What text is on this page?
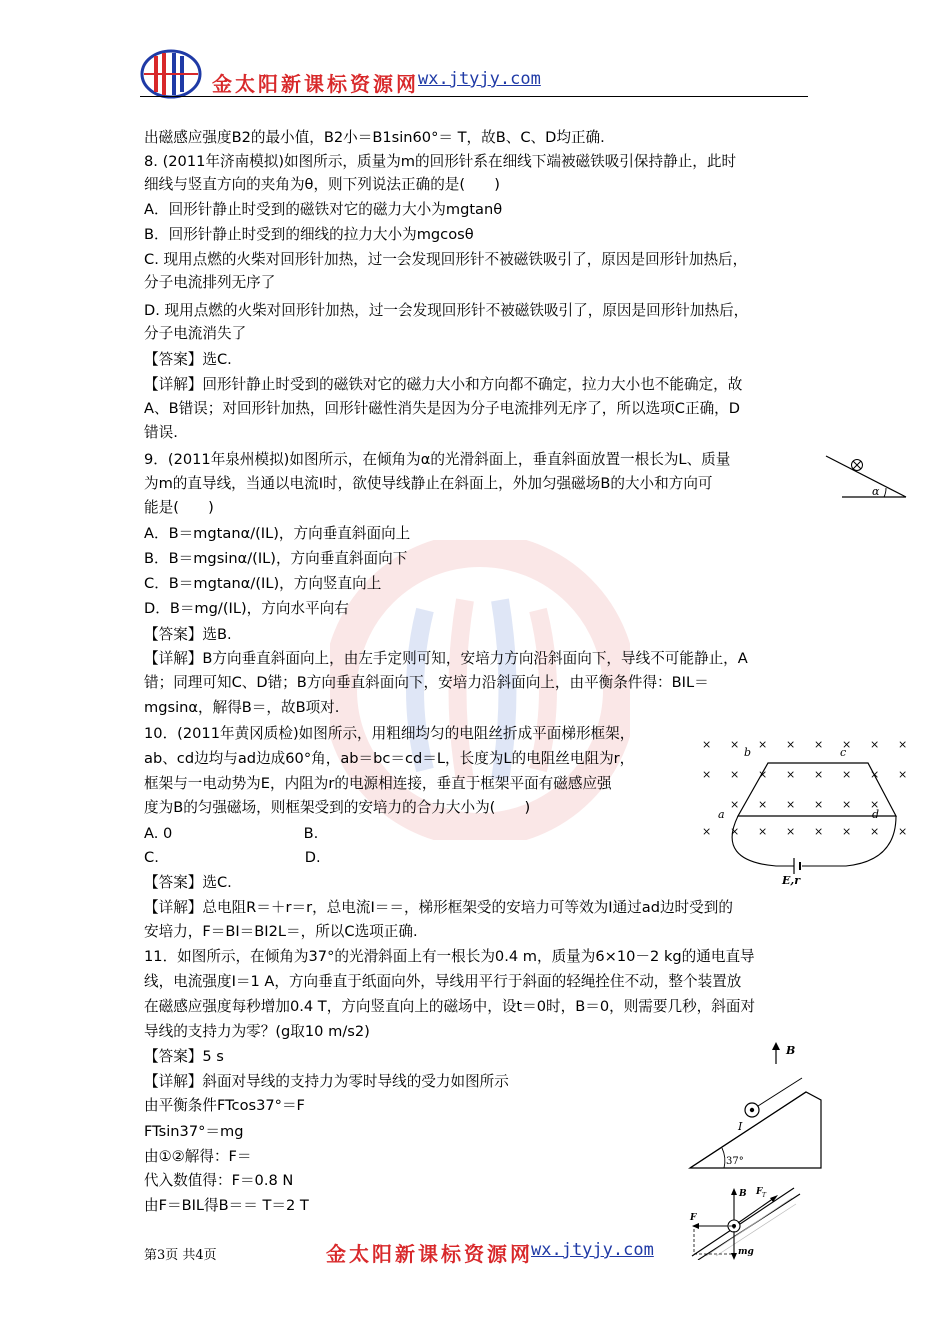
金太阳新课标资源网 wx.jtyjy.com
出磁感应强度B2的最小值，B2小＝B1sin60°＝ T，故B、C、D均正确.
8. (2011年济南模拟)如图所示，质量为m的回形针系在细线下端被磁铁吸引保持静止，此时
细线与竖直方向的夹角为θ，则下列说法正确的是(　　)
A．回形针静止时受到的磁铁对它的磁力大小为mgtanθ
B．回形针静止时受到的细线的拉力大小为mgcosθ
C. 现用点燃的火柴对回形针加热，过一会发现回形针不被磁铁吸引了，原因是回形针加热后，
分子电流排列无序了
D. 现用点燃的火柴对回形针加热，过一会发现回形针不被磁铁吸引了，原因是回形针加热后，
分子电流消失了
【答案】选C.
【详解】回形针静止时受到的磁铁对它的磁力大小和方向都不确定，拉力大小也不能确定，故
A、B错误；对回形针加热，回形针磁性消失是因为分子电流排列无序了，所以选项C正确，D
错误.
9．(2011年泉州模拟)如图所示，在倾角为α的光滑斜面上，垂直斜面放置一根长为L、质量
为m的直导线，当通以电流I时，欲使导线静止在斜面上，外加匀强磁场B的大小和方向可
能是(　　)
A．B＝mgtanα/(IL)，方向垂直斜面向上
B．B＝mgsinα/(IL)，方向垂直斜面向下
C．B＝mgtanα/(IL)，方向竖直向上
D．B＝mg/(IL)，方向水平向右
【答案】选B.
【详解】B方向垂直斜面向上，由左手定则可知，安培力方向沿斜面向下，导线不可能静止，A
错；同理可知C、D错；B方向垂直斜面向下，安培力沿斜面向上，由平衡条件得：BIL＝
mgsinα，解得B＝，故B项对.
10．(2011年黄冈质检)如图所示，用粗细均匀的电阻丝折成平面梯形框架，
ab、cd边均与ad边成60°角，ab＝bc＝cd＝L，长度为L的电阻丝电阻为r，
框架与一电动势为E，内阻为r的电源相连接，垂直于框架平面有磁感应强
度为B的匀强磁场，则框架受到的安培力的合力大小为(　　)
A. 0　　　　　　　　　B.
C.　　　　　　　　　　D.
【答案】选C.
【详解】总电阻R＝＋r＝r，总电流I＝＝，梯形框架受的安培力可等效为I通过ad边时受到的
安培力，F＝BI＝BI2L＝，所以C选项正确.
11．如图所示，在倾角为37°的光滑斜面上有一根长为0.4 m，质量为6×10－2 kg的通电直导
线，电流强度I＝1 A，方向垂直于纸面向外，导线用平行于斜面的轻绳拴住不动，整个装置放
在磁感应强度每秒增加0.4 T，方向竖直向上的磁场中，设t＝0时，B＝0，则需要几秒，斜面对
导线的支持力为零？(g取10 m/s2)
【答案】5 s
【详解】斜面对导线的支持力为零时导线的受力如图所示
由平衡条件FTcos37°＝F
FTsin37°＝mg
由①②解得：F＝
代入数值得：F＝0.8 N
由F＝BIL得B＝＝ T＝2 T
α
× × × × × × × ×
× × × × × × × ×
× × × × × ×
× × × × × × × ×
b	c
a	d
E,r
B
I
37°
B F T
F
mg
第3页 共4页	金太阳新课标资源网
wx.jtyjy.com
